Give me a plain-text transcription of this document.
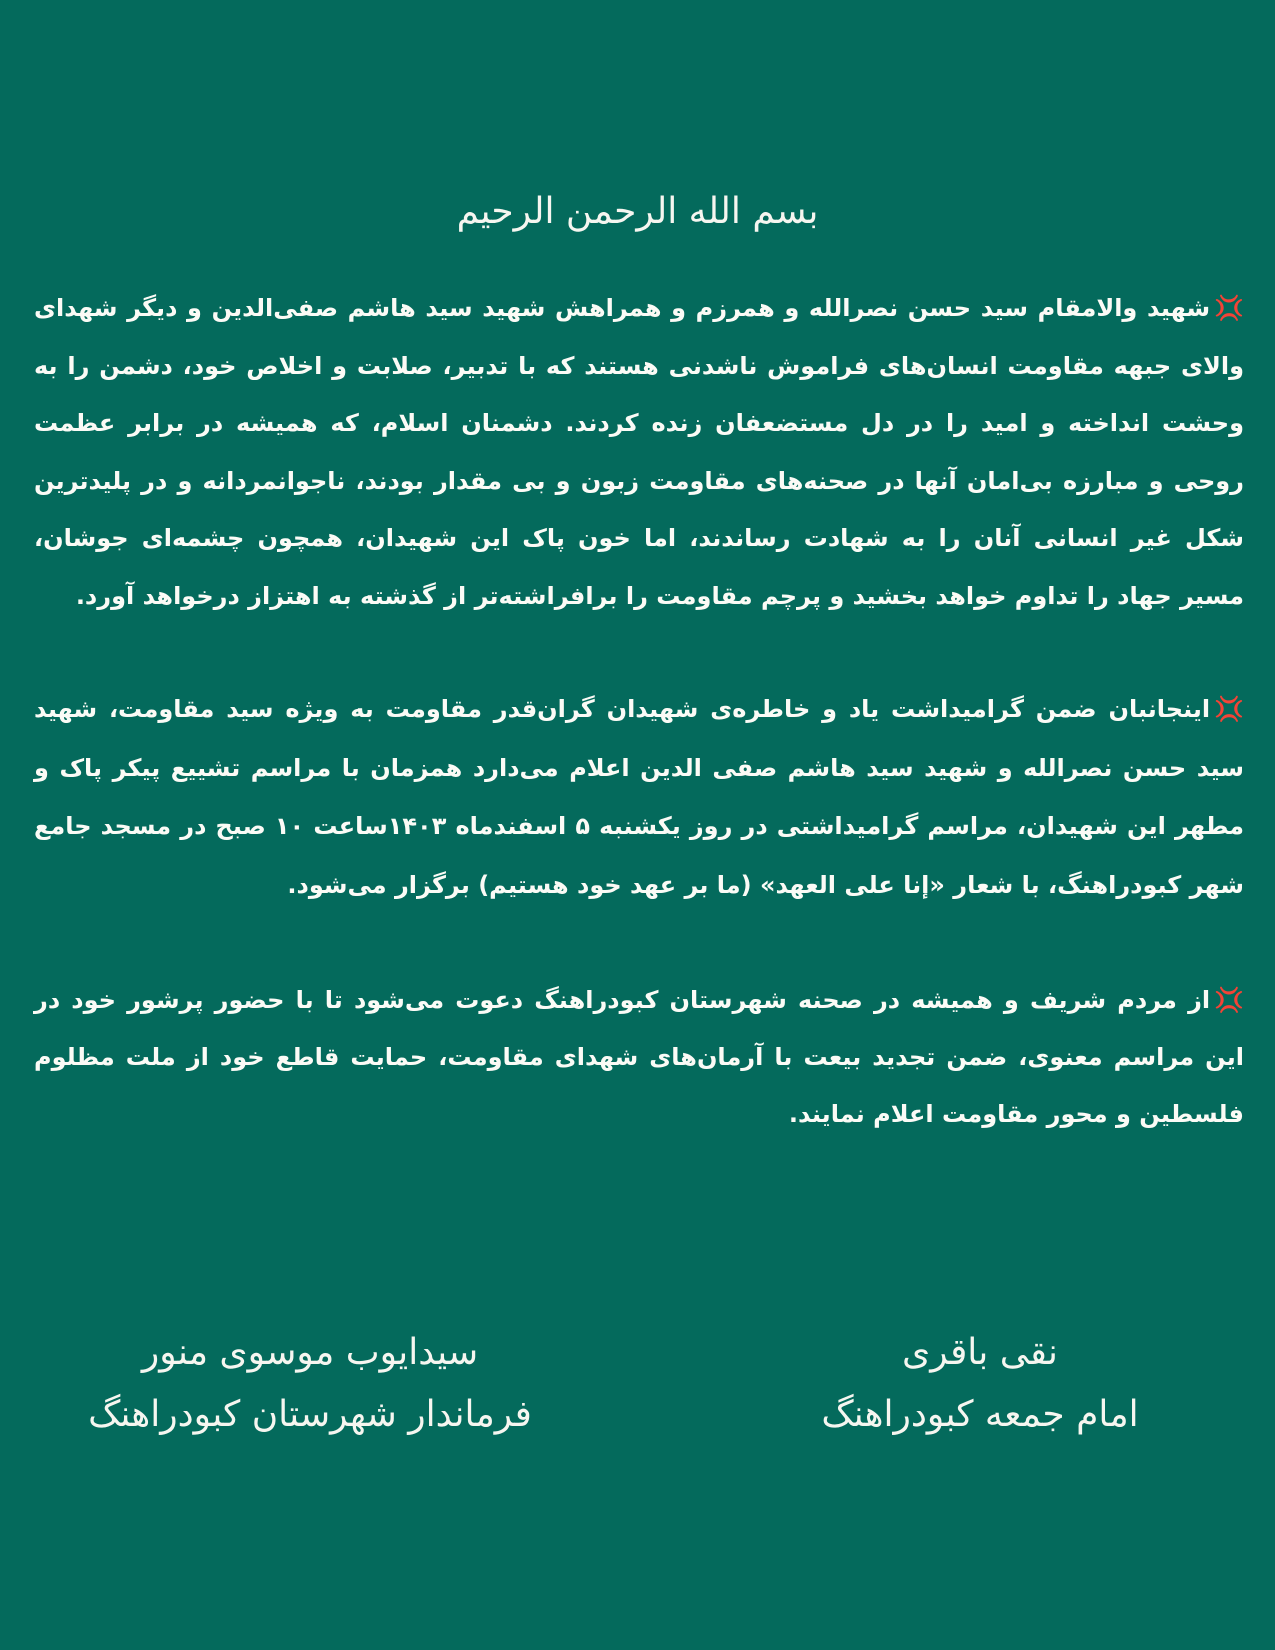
بسم الله الرحمن الرحیم

💢شهید والامقام سید حسن نصرالله و همرزم و همراهش شهید سید هاشم صفی‌الدین و دیگر شهدای والای جبهه مقاومت انسان‌های فراموش ناشدنی هستند که با تدبیر، صلابت و اخلاص خود، دشمن را به وحشت انداخته و امید را در دل مستضعفان زنده کردند. دشمنان اسلام، که همیشه در برابر عظمت روحی و مبارزه بی‌امان آنها در صحنه‌های مقاومت زبون و بی مقدار بودند، ناجوانمردانه و در پلیدترین شکل غیر انسانی آنان را به شهادت رساندند، اما خون پاک این شهیدان، همچون چشمه‌ای جوشان، مسیر جهاد را تداوم خواهد بخشید و پرچم مقاومت را برافراشته‌تر از گذشته به اهتزاز درخواهد آورد.

💢اینجانبان ضمن گرامیداشت یاد و خاطره‌ی شهیدان گران‌قدر مقاومت به ویژه سید مقاومت، شهید سید حسن نصرالله و شهید سید هاشم صفی الدین اعلام می‌دارد همزمان با مراسم تشییع پیکر پاک و مطهر این شهیدان، مراسم گرامیداشتی در روز یکشنبه ۵ اسفندماه ۱۴۰۳ساعت ۱۰ صبح در مسجد جامع شهر کبودراهنگ، با شعار «إنا علی العهد» (ما بر عهد خود هستیم) برگزار می‌شود.

💢از مردم شریف و همیشه در صحنه شهرستان کبودراهنگ دعوت می‌شود تا با حضور پرشور خود در این مراسم معنوی، ضمن تجدید بیعت با آرمان‌های شهدای مقاومت، حمایت قاطع خود از ملت مظلوم فلسطین و محور مقاومت اعلام نمایند.

نقی باقری
امام جمعه کبودراهنگ
سیدایوب موسوی منور
فرماندار شهرستان کبودراهنگ
